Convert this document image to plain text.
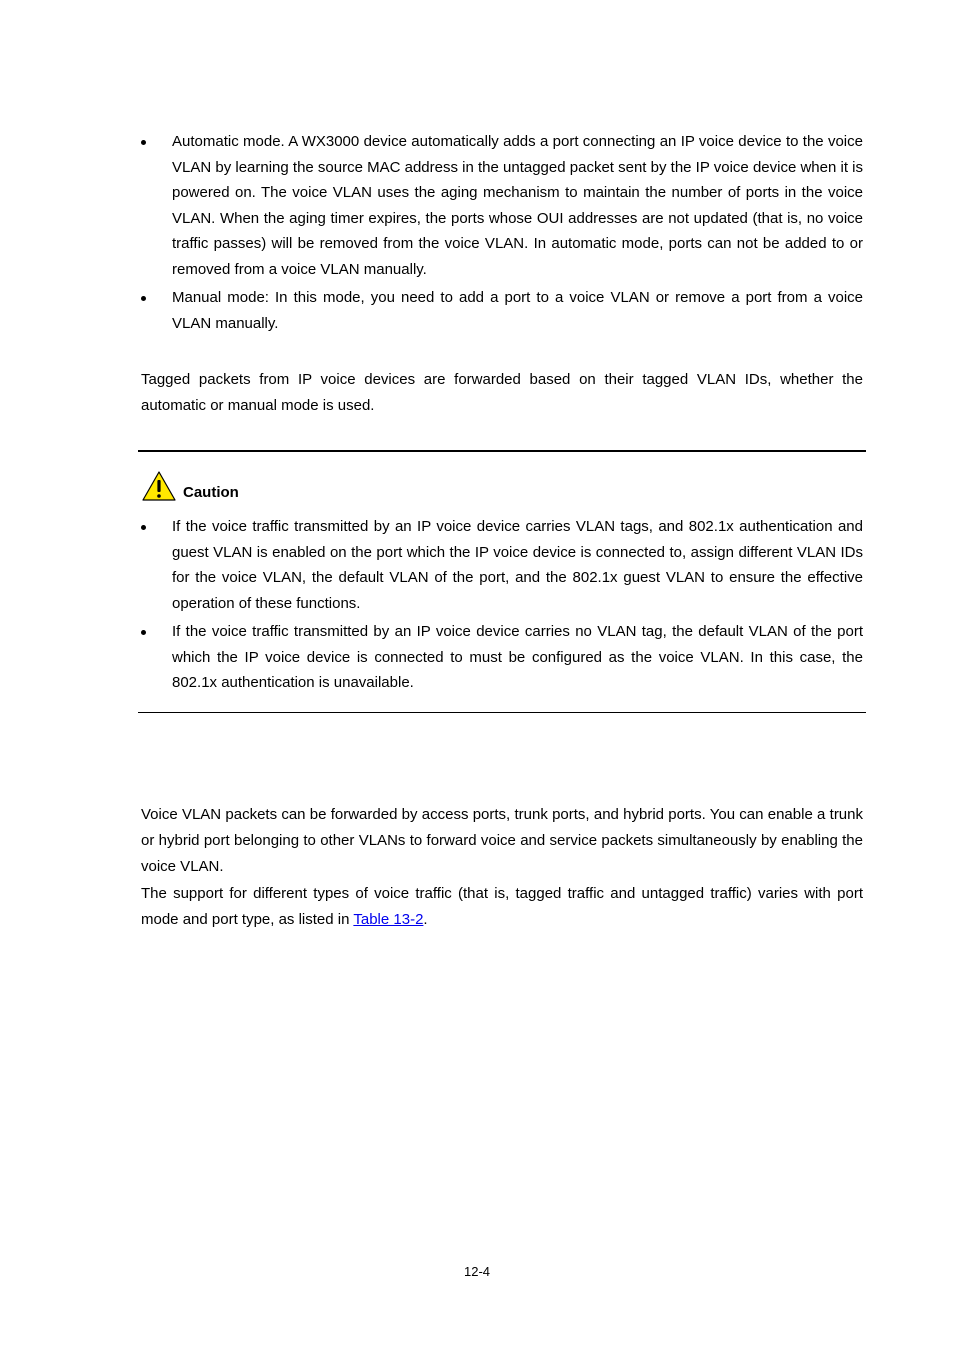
Automatic mode. A WX3000 device automatically adds a port connecting an IP voice device to the voice VLAN by learning the source MAC address in the untagged packet sent by the IP voice device when it is powered on. The voice VLAN uses the aging mechanism to maintain the number of ports in the voice VLAN. When the aging timer expires, the ports whose OUI addresses are not updated (that is, no voice traffic passes) will be removed from the voice VLAN. In automatic mode, ports can not be added to or removed from a voice VLAN manually.
Manual mode: In this mode, you need to add a port to a voice VLAN or remove a port from a voice VLAN manually.

Tagged packets from IP voice devices are forwarded based on their tagged VLAN IDs, whether the automatic or manual mode is used.

Caution
If the voice traffic transmitted by an IP voice device carries VLAN tags, and 802.1x authentication and guest VLAN is enabled on the port which the IP voice device is connected to, assign different VLAN IDs for the voice VLAN, the default VLAN of the port, and the 802.1x guest VLAN to ensure the effective operation of these functions.
If the voice traffic transmitted by an IP voice device carries no VLAN tag, the default VLAN of the port which the IP voice device is connected to must be configured as the voice VLAN. In this case, the 802.1x authentication is unavailable.

Voice VLAN packets can be forwarded by access ports, trunk ports, and hybrid ports. You can enable a trunk or hybrid port belonging to other VLANs to forward voice and service packets simultaneously by enabling the voice VLAN.

The support for different types of voice traffic (that is, tagged traffic and untagged traffic) varies with port mode and port type, as listed in Table 13-2.

12-4
